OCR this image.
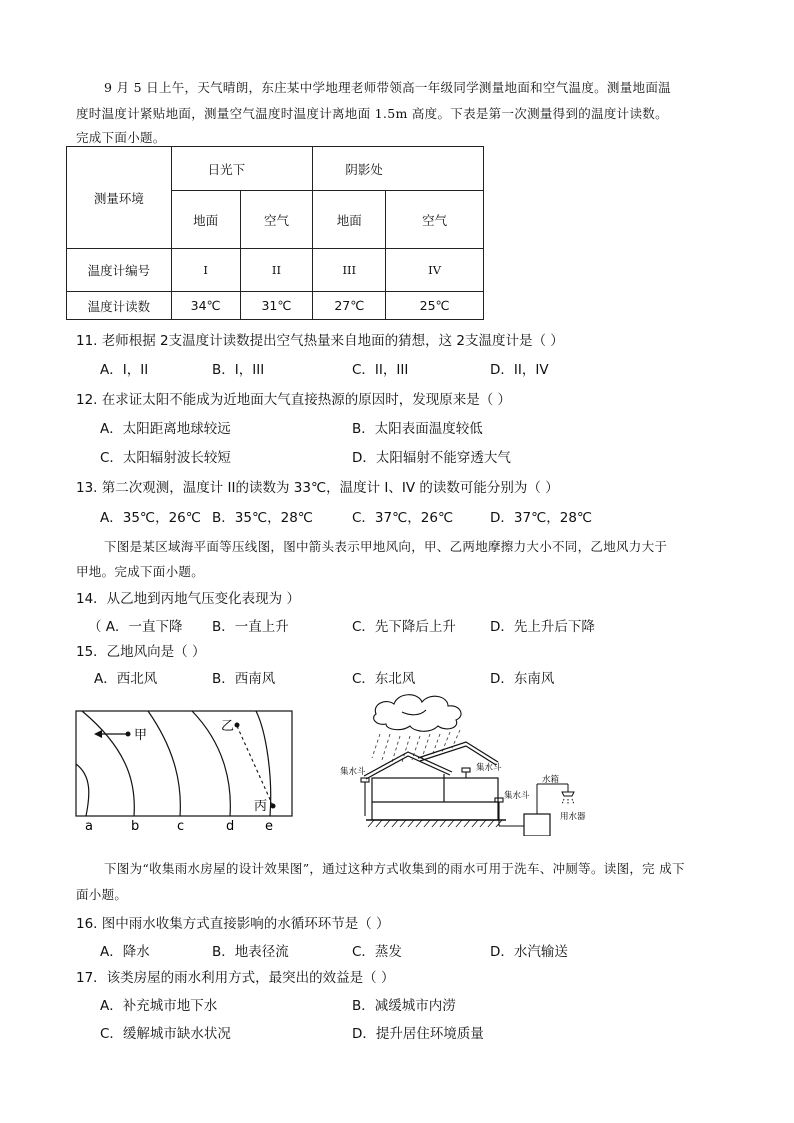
9 月 5 日上午，天气晴朗，东庄某中学地理老师带领高一年级同学测量地面和空气温度。测量地面温
度时温度计紧贴地面，测量空气温度时温度计离地面 1.5m 高度。下表是第一次测量得到的温度计读数。
完成下面小题。
测量环境	日光下		阴影处	
	地面	空气	地面	空气
温度计编号	I	II	III	IV
温度计读数	34℃	31℃	27℃	25℃
11. 老师根据 2支温度计读数提出空气热量来自地面的猜想，这 2支温度计是（ ）
A．I，II	B．I，III	C．II，III	D．II，IV
12. 在求证太阳不能成为近地面大气直接热源的原因时，发现原来是（ ）
A．太阳距离地球较远	B．太阳表面温度较低
C．太阳辐射波长较短	D．太阳辐射不能穿透大气
13. 第二次观测，温度计 II的读数为 33℃，温度计 I、IV 的读数可能分别为（ ）
A．35℃，26℃ B．35℃，28℃	C．37℃，26℃	D．37℃，28℃
下图是某区域海平面等压线图，图中箭头表示甲地风向，甲、乙两地摩擦力大小不同，乙地风力大于
甲地。完成下面小题。
14．从乙地到丙地气压变化表现为 ）
（ A．一直下降 B．一直上升	C．先下降后上升	D．先上升后下降
15．乙地风向是（ ）
A．西北风	B．西南风	C．东北风	D．东南风
甲
乙
丙
a	b	c	d e
集水斗	集水斗
集水斗
水箱
用水器
下图为“收集雨水房屋的设计效果图”，通过这种方式收集到的雨水可用于洗车、冲厕等。读图，完 成下
面小题。
16. 图中雨水收集方式直接影响的水循环环节是（ ）
A．降水	B．地表径流	C．蒸发	D．水汽输送
17．该类房屋的雨水利用方式，最突出的效益是（ ）
A．补充城市地下水	B．减缓城市内涝
C．缓解城市缺水状况	D．提升居住环境质量
